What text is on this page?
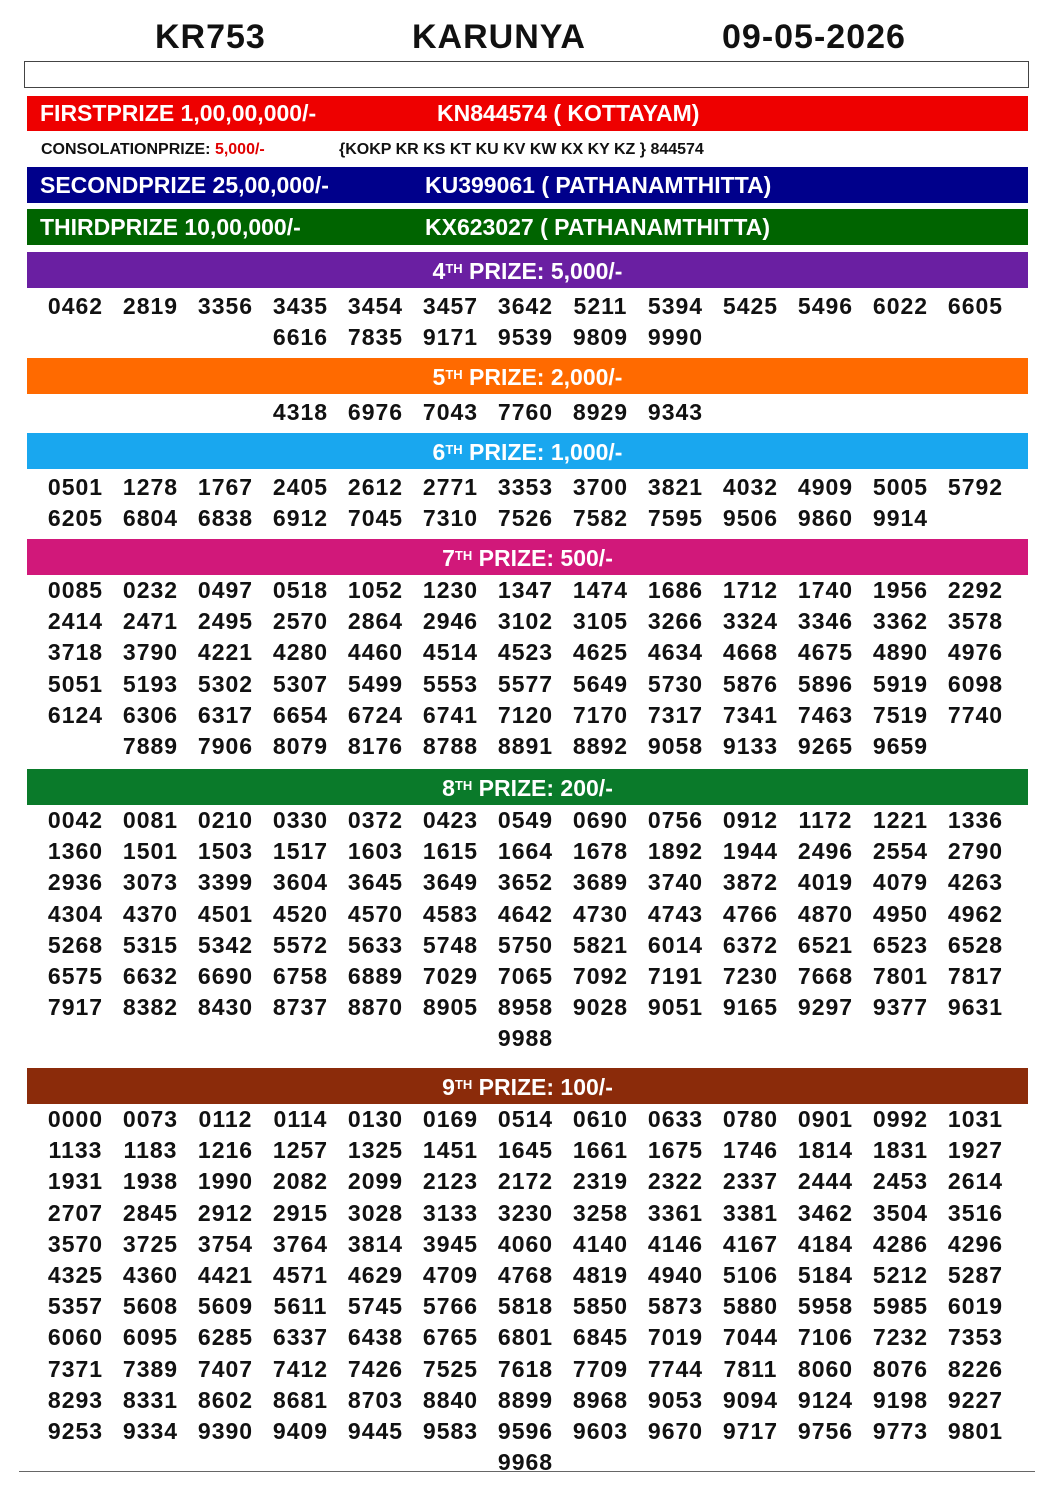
KR753	KARUNYA	09-05-2026
FIRSTPRIZE 1,00,00,000/-	KN844574 ( KOTTAYAM)
CONSOLATIONPRIZE: 5,000/-	{KOKP KR KS KT KU KV KW KX KY KZ } 844574
SECONDPRIZE 25,00,000/-	KU399061 ( PATHANAMTHITTA)
THIRDPRIZE 10,00,000/-	KX623027 ( PATHANAMTHITTA)
4TH PRIZE: 5,000/-
0462 2819 3356 3435 3454 3457 3642 5211 5394 5425 5496 6022 6605
6616 7835 9171 9539 9809 9990
5TH PRIZE: 2,000/-
4318 6976 7043 7760 8929 9343
6TH PRIZE: 1,000/-
0501 1278 1767 2405 2612 2771 3353 3700 3821 4032 4909 5005 5792
6205 6804 6838 6912 7045 7310 7526 7582 7595 9506 9860 9914
7TH PRIZE: 500/-
0085 0232 0497 0518 1052 1230 1347 1474 1686 1712 1740 1956 2292
2414 2471 2495 2570 2864 2946 3102 3105 3266 3324 3346 3362 3578
3718 3790 4221 4280 4460 4514 4523 4625 4634 4668 4675 4890 4976
5051 5193 5302 5307 5499 5553 5577 5649 5730 5876 5896 5919 6098
6124 6306 6317 6654 6724 6741 7120 7170 7317 7341 7463 7519 7740
7889 7906 8079 8176 8788 8891 8892 9058 9133 9265 9659
8TH PRIZE: 200/-
0042 0081 0210 0330 0372 0423 0549 0690 0756 0912 1172 1221 1336
1360 1501 1503 1517 1603 1615 1664 1678 1892 1944 2496 2554 2790
2936 3073 3399 3604 3645 3649 3652 3689 3740 3872 4019 4079 4263
4304 4370 4501 4520 4570 4583 4642 4730 4743 4766 4870 4950 4962
5268 5315 5342 5572 5633 5748 5750 5821 6014 6372 6521 6523 6528
6575 6632 6690 6758 6889 7029 7065 7092 7191 7230 7668 7801 7817
7917 8382 8430 8737 8870 8905 8958 9028 9051 9165 9297 9377 9631
9988
9TH PRIZE: 100/-
0000 0073 0112 0114 0130 0169 0514 0610 0633 0780 0901 0992 1031
1133 1183 1216 1257 1325 1451 1645 1661 1675 1746 1814 1831 1927
1931 1938 1990 2082 2099 2123 2172 2319 2322 2337 2444 2453 2614
2707 2845 2912 2915 3028 3133 3230 3258 3361 3381 3462 3504 3516
3570 3725 3754 3764 3814 3945 4060 4140 4146 4167 4184 4286 4296
4325 4360 4421 4571 4629 4709 4768 4819 4940 5106 5184 5212 5287
5357 5608 5609 5611 5745 5766 5818 5850 5873 5880 5958 5985 6019
6060 6095 6285 6337 6438 6765 6801 6845 7019 7044 7106 7232 7353
7371 7389 7407 7412 7426 7525 7618 7709 7744 7811 8060 8076 8226
8293 8331 8602 8681 8703 8840 8899 8968 9053 9094 9124 9198 9227
9253 9334 9390 9409 9445 9583 9596 9603 9670 9717 9756 9773 9801
9968
